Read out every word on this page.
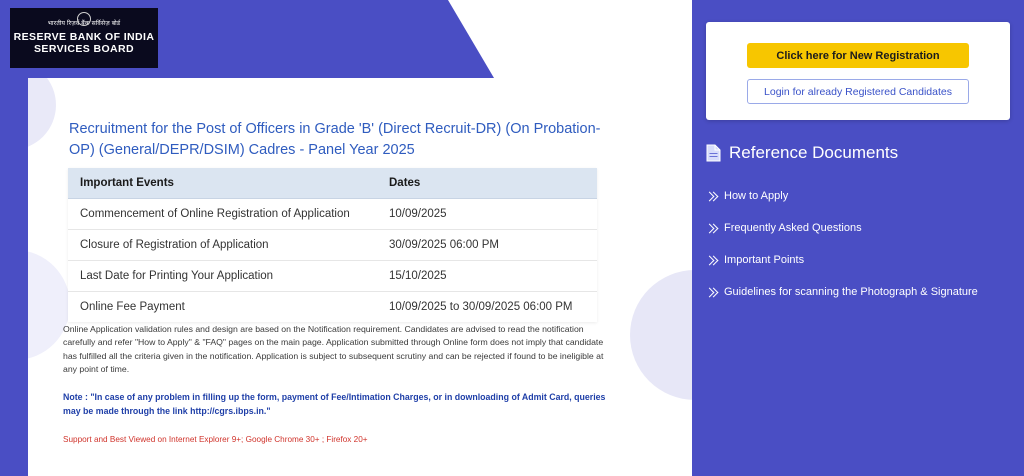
भारतीय रिज़र्व बैंक सर्विसेज़ बोर्ड
RESERVE BANK OF INDIA
SERVICES BOARD
Recruitment for the Post of Officers in Grade 'B' (Direct Recruit-DR) (On Probation-OP) (General/DEPR/DSIM) Cadres - Panel Year 2025
Important Events	Dates
Commencement of Online Registration of Application	10/09/2025
Closure of Registration of Application	30/09/2025 06:00 PM
Last Date for Printing Your Application	15/10/2025
Online Fee Payment	10/09/2025 to 30/09/2025 06:00 PM
Online Application validation rules and design are based on the Notification requirement. Candidates are advised to read the notification carefully and refer "How to Apply" & "FAQ" pages on the main page. Application submitted through Online form does not imply that candidate has fulfilled all the criteria given in the notification. Application is subject to subsequent scrutiny and can be rejected if found to be ineligible at any point of time.
Note : "In case of any problem in filling up the form, payment of Fee/Intimation Charges, or in downloading of Admit Card, queries may be made through the link http://cgrs.ibps.in."
Support and Best Viewed on Internet Explorer 9+; Google Chrome 30+ ; Firefox 20+
Click here for New Registration
Login for already Registered Candidates
Reference Documents
How to Apply
Frequently Asked Questions
Important Points
Guidelines for scanning the Photograph & Signature
